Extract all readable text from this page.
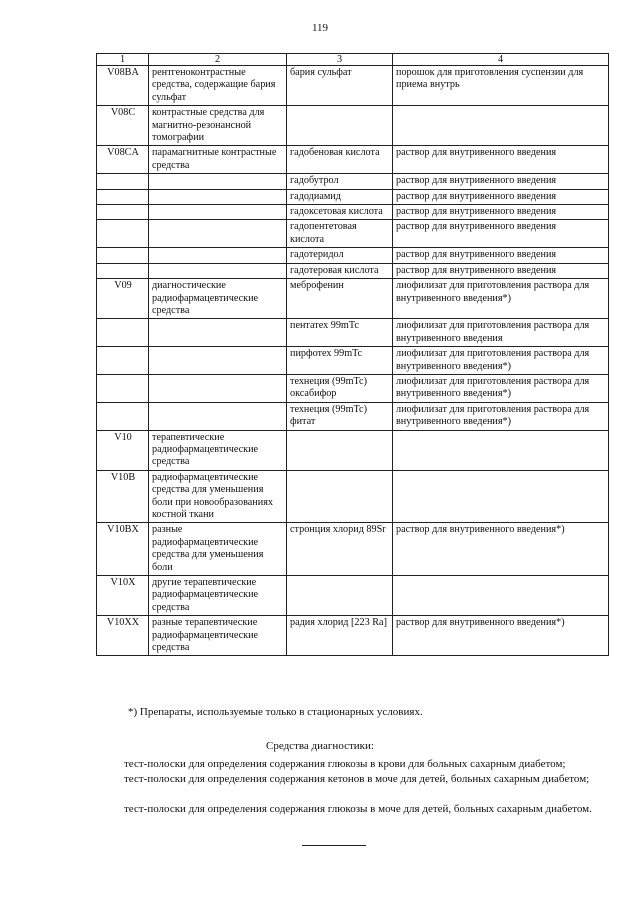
119
1	2	3	4
V08BA	рентгеноконтрастные средства, содержащие бария сульфат	бария сульфат	порошок для приготовления суспензии для приема внутрь
V08C	контрастные средства для магнитно-резонансной томографии		
V08CA	парамагнитные контрастные средства	гадобеновая кислота	раствор для внутривенного введения
		гадобутрол	раствор для внутривенного введения
		гадодиамид	раствор для внутривенного введения
		гадоксетовая кислота	раствор для внутривенного введения
		гадопентетовая кислота	раствор для внутривенного введения
		гадотеридол	раствор для внутривенного введения
		гадотеровая кислота	раствор для внутривенного введения
V09	диагностические радиофармацевтические средства	меброфенин	лиофилизат для приготовления раствора для внутривенного введения*)
		пентатех 99mTc	лиофилизат для приготовления раствора для внутривенного введения
		пирфотех 99mTc	лиофилизат для приготовления раствора для внутривенного введения*)
		технеция (99mTc) оксабифор	лиофилизат для приготовления раствора для внутривенного введения*)
		технеция (99mTc) фитат	лиофилизат для приготовления раствора для внутривенного введения*)
V10	терапевтические радиофармацевтические средства		
V10B	радиофармацевтические средства для уменьшения боли при новообразованиях костной ткани		
V10BX	разные радиофармацевтические средства для уменьшения боли	стронция хлорид 89Sr	раствор для внутривенного введения*)
V10X	другие терапевтические радиофармацевтические средства		
V10XX	разные терапевтические радиофармацевтические средства	радия хлорид [223 Ra]	раствор для внутривенного введения*)
*) Препараты, используемые только в стационарных условиях.
Средства диагностики:
тест-полоски для определения содержания глюкозы в крови для больных сахарным диабетом;
тест-полоски для определения содержания кетонов в моче для детей, больных сахарным диабетом;
тест-полоски для определения содержания глюкозы в моче для детей, больных сахарным диабетом.
